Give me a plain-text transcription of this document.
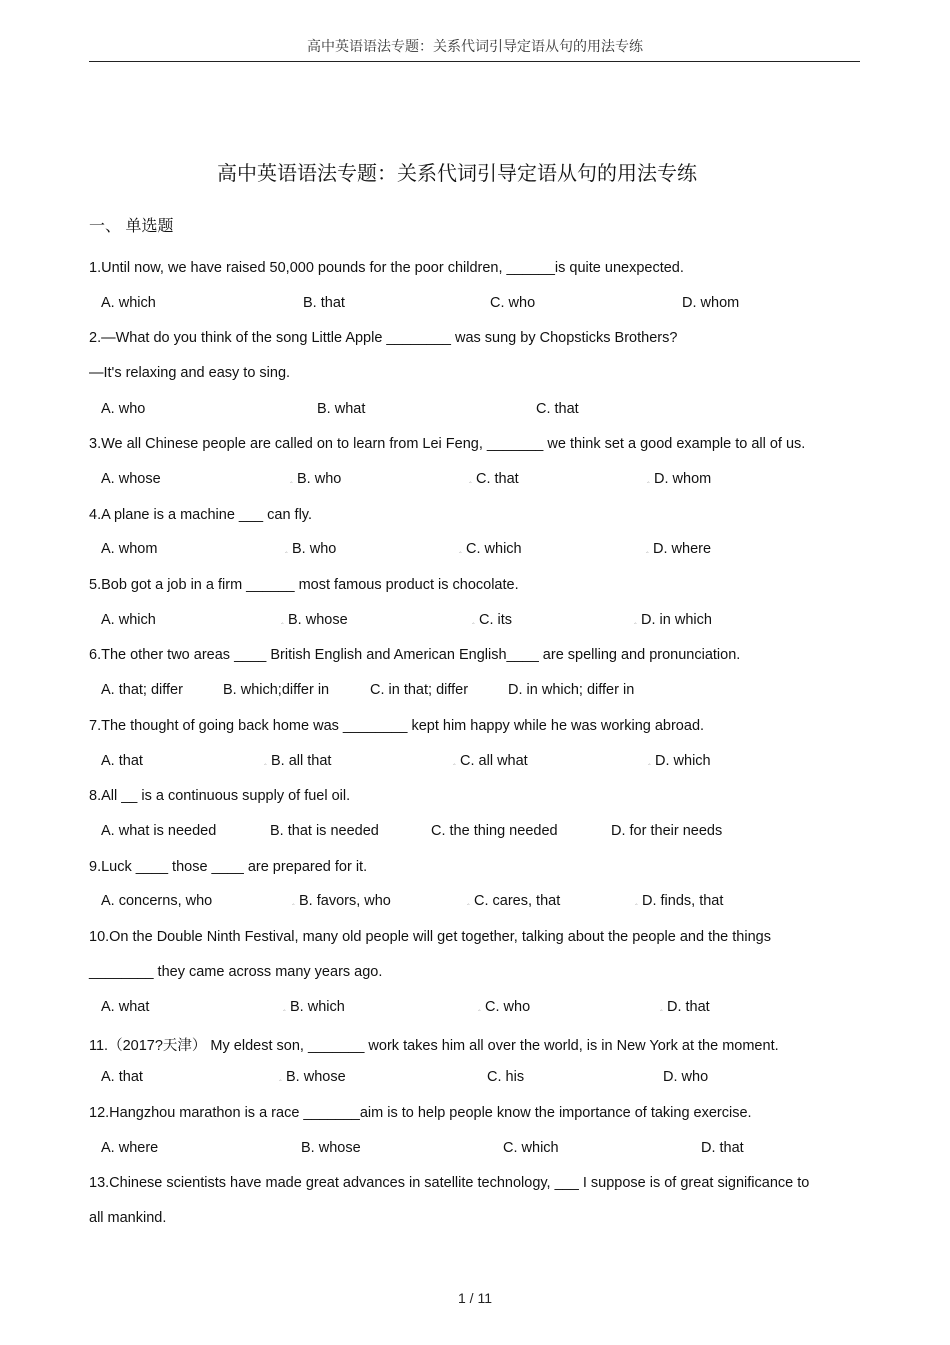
高中英语语法专题：关系代词引导定语从句的用法专练
高中英语语法专题：关系代词引导定语从句的用法专练
一、 单选题
1.Until now, we have raised 50,000 pounds for the poor children, ______is quite unexpected.
A. which	B. that	C. who	D. whom
2.—What do you think of the song Little Apple ________ was sung by Chopsticks Brothers?
—It's relaxing and easy to sing.
A. who	B. what	C. that
3.We all Chinese people are called on to learn from Lei Feng, _______ we think set a good example to all of us.
A. whose	B. who
‸	C. that
‸	D. whom
‸
4.A plane is a machine ___ can fly.
A. whom	B. who
‸	C. which
‸	D. where
‸
5.Bob got a job in a firm ______ most famous product is chocolate.
A. which	B. whose
‸	C. its
‸	D. in which
‸
6.The other two areas ____ British English and American English____ are spelling and pronunciation.
A. that; differ	B. which;differ in	C. in that; differ	D. in which; differ in
7.The thought of going back home was ________ kept him happy while he was working abroad.
A. that	B. all that
‸	C. all what
‸	D. which
‸
8.All __ is a continuous supply of fuel oil.
A. what is needed	B. that is needed	C. the thing needed	D. for their needs
9.Luck ____ those ____ are prepared for it.
A. concerns, who	B. favors, who
‸	C. cares, that
‸	D. finds, that
‸
10.On the Double Ninth Festival, many old people will get together, talking about the people and the things
________ they came across many years ago.
A. what	B. which
‸	C. who
‸	D. that
‸
11.（2017?天津） My eldest son, _______ work takes him all over the world, is in New York at the moment.
A. that	B. whose
‸	C. his	D. who
12.Hangzhou marathon is a race _______aim is to help people know the importance of taking exercise.
A. where	B. whose	C. which	D. that
13.Chinese scientists have made great advances in satellite technology, ___ I suppose is of great significance to
all mankind.
1 / 11
